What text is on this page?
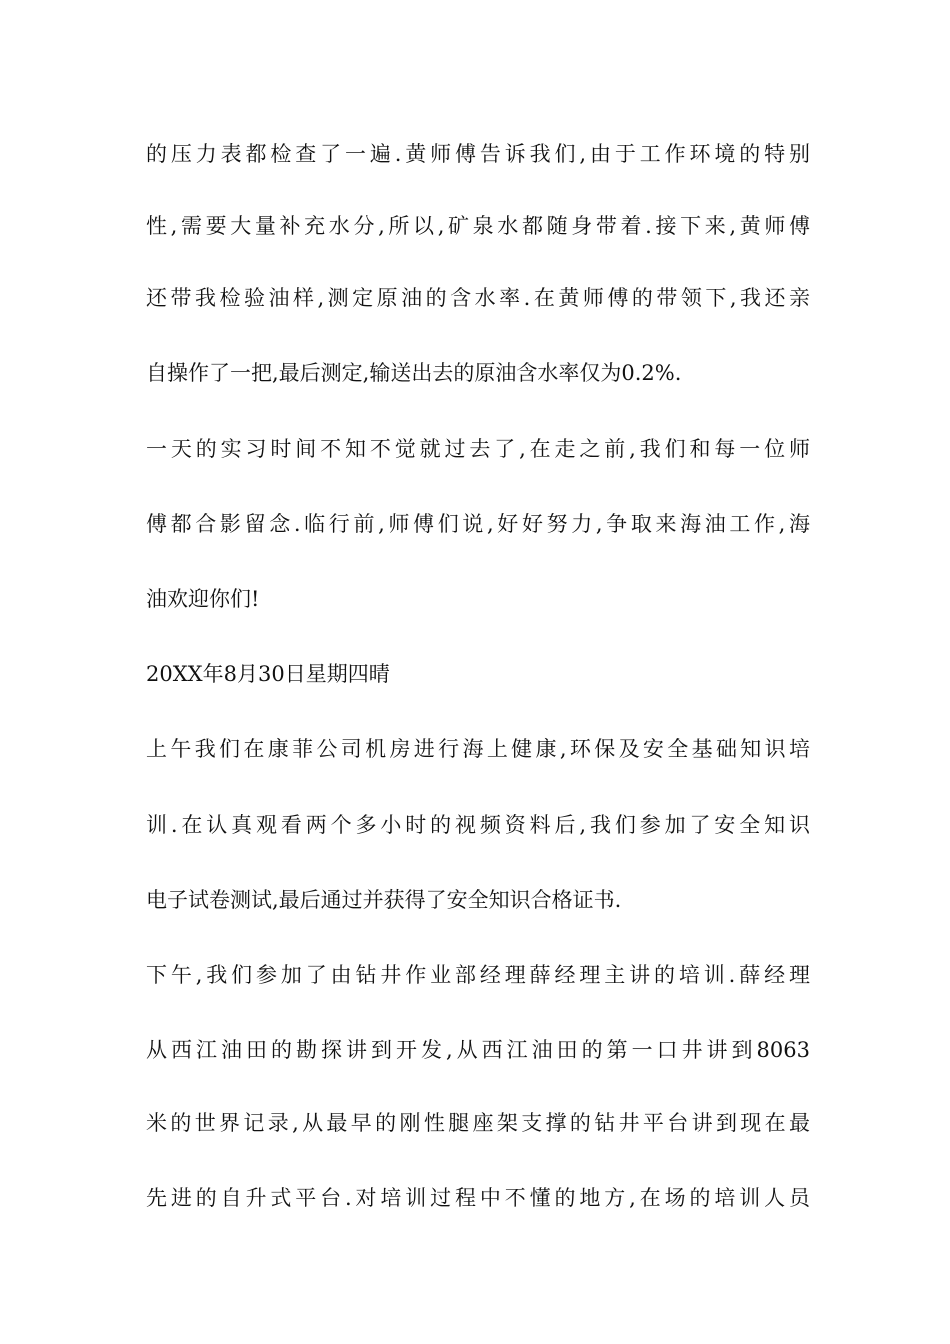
的压力表都检查了一遍.黄师傅告诉我们,由于工作环境的特别
性,需要大量补充水分,所以,矿泉水都随身带着.接下来,黄师傅
还带我检验油样,测定原油的含水率.在黄师傅的带领下,我还亲
自操作了一把,最后测定,输送出去的原油含水率仅为0.2%.
一天的实习时间不知不觉就过去了,在走之前,我们和每一位师
傅都合影留念.临行前,师傅们说,好好努力,争取来海油工作,海
油欢迎你们!
20XX年8月30日星期四晴
上午我们在康菲公司机房进行海上健康,环保及安全基础知识培
训.在认真观看两个多小时的视频资料后,我们参加了安全知识
电子试卷测试,最后通过并获得了安全知识合格证书.
下午,我们参加了由钻井作业部经理薛经理主讲的培训.薛经理
从西江油田的勘探讲到开发,从西江油田的第一口井讲到8063
米的世界记录,从最早的刚性腿座架支撑的钻井平台讲到现在最
先进的自升式平台.对培训过程中不懂的地方,在场的培训人员
